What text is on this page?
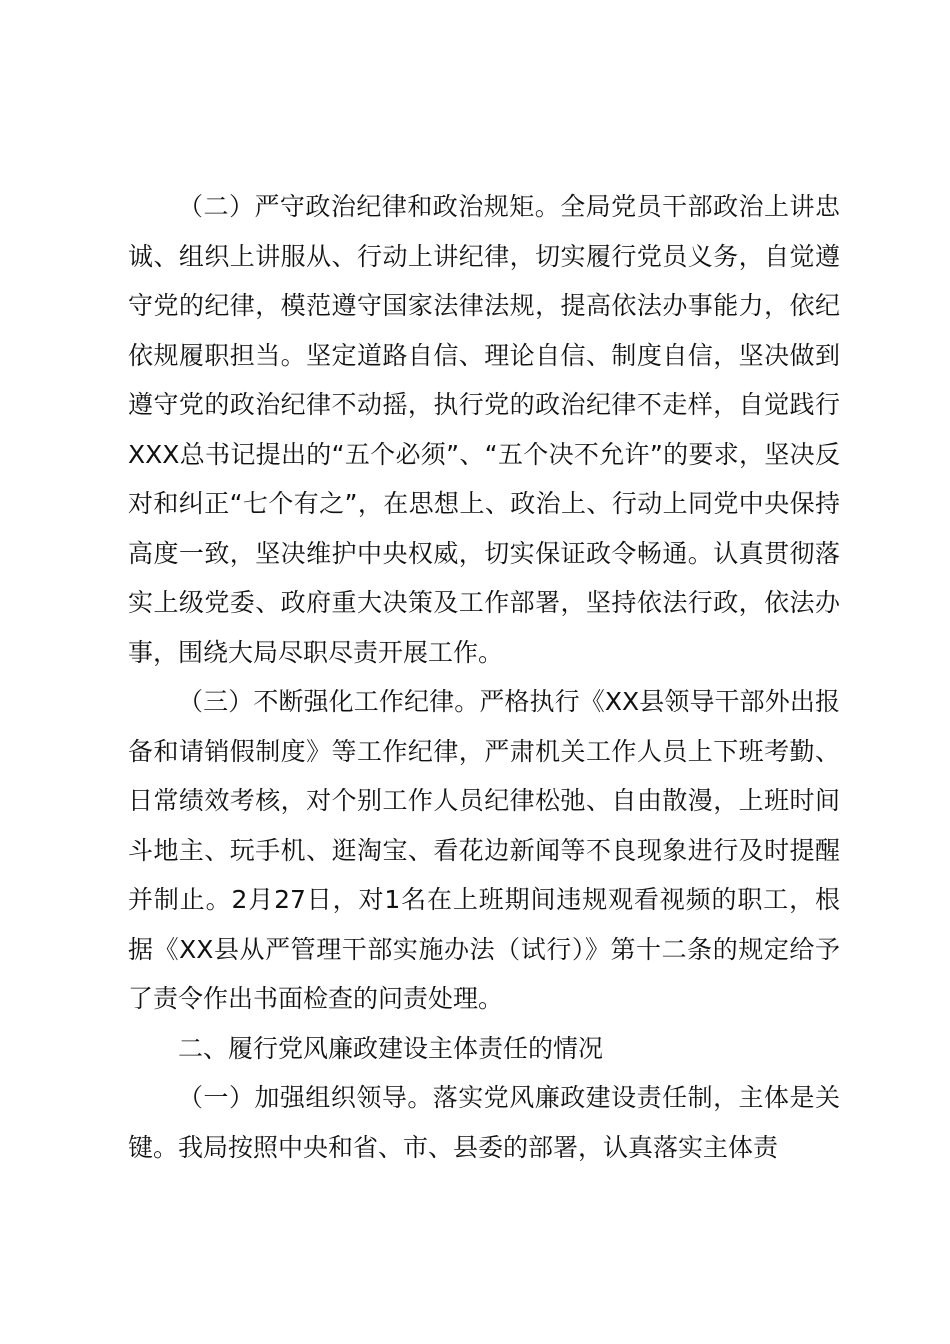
（二）严守政治纪律和政治规矩。全局党员干部政治上讲忠诚、组织上讲服从、行动上讲纪律，切实履行党员义务，自觉遵守党的纪律，模范遵守国家法律法规，提高依法办事能力，依纪依规履职担当。坚定道路自信、理论自信、制度自信，坚决做到遵守党的政治纪律不动摇，执行党的政治纪律不走样，自觉践行XXX总书记提出的“五个必须”、“五个决不允许”的要求，坚决反对和纠正“七个有之”，在思想上、政治上、行动上同党中央保持高度一致，坚决维护中央权威，切实保证政令畅通。认真贯彻落实上级党委、政府重大决策及工作部署，坚持依法行政，依法办事，围绕大局尽职尽责开展工作。

（三）不断强化工作纪律。严格执行《XX县领导干部外出报备和请销假制度》等工作纪律，严肃机关工作人员上下班考勤、日常绩效考核，对个别工作人员纪律松弛、自由散漫，上班时间斗地主、玩手机、逛淘宝、看花边新闻等不良现象进行及时提醒并制止。2月27日，对1名在上班期间违规观看视频的职工，根据《XX县从严管理干部实施办法（试行）》第十二条的规定给予了责令作出书面检查的问责处理。

二、履行党风廉政建设主体责任的情况

（一）加强组织领导。落实党风廉政建设责任制，主体是关键。我局按照中央和省、市、县委的部署，认真落实主体责
